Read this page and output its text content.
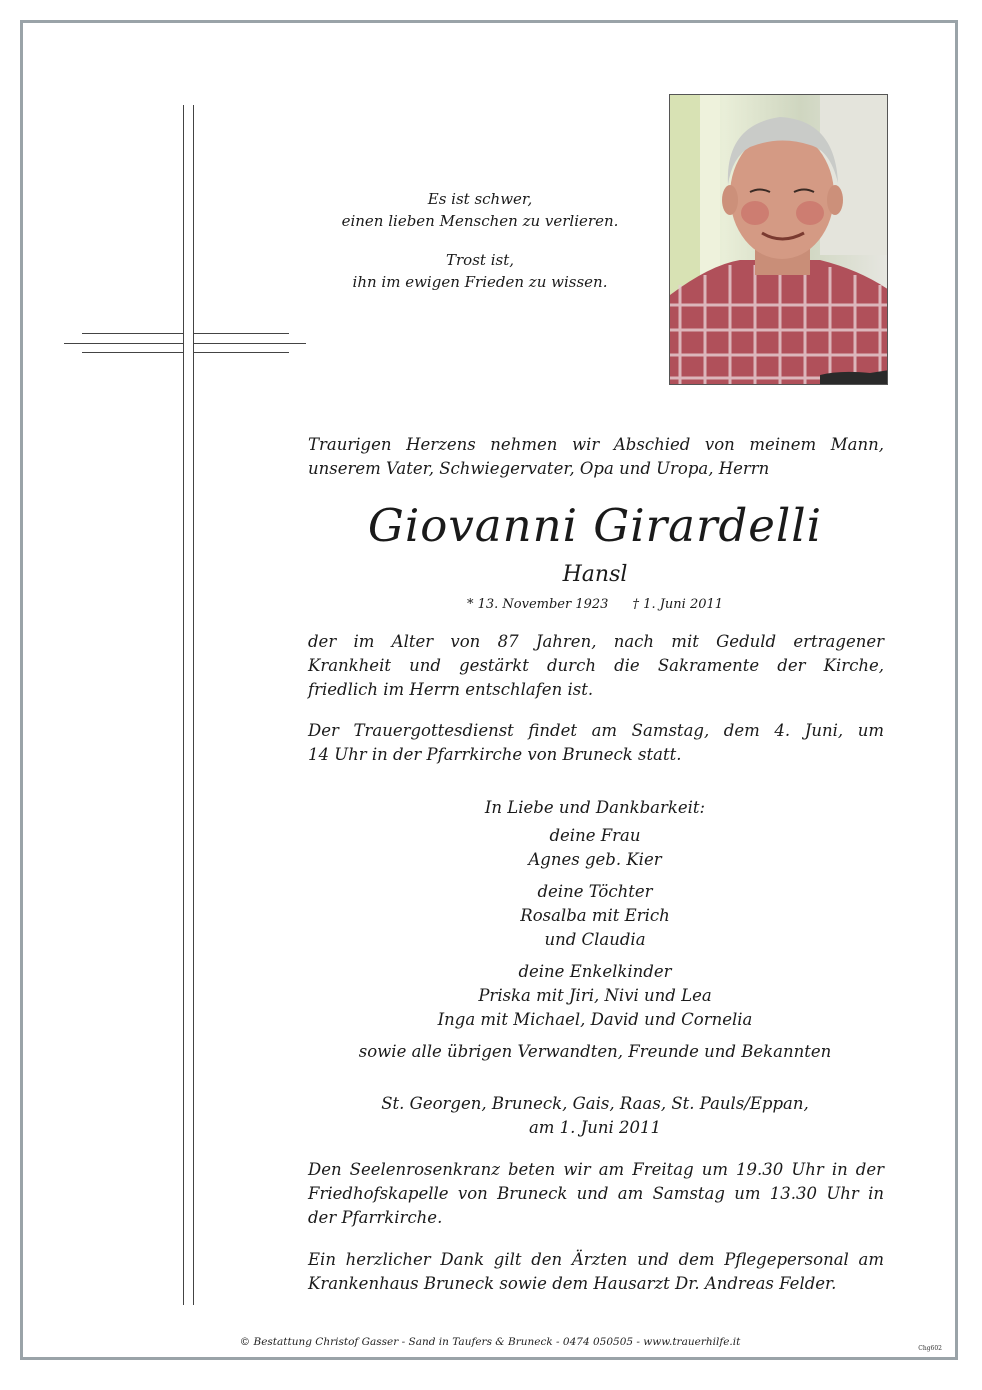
Es ist schwer,
einen lieben Menschen zu verlieren.
Trost ist,
ihn im ewigen Frieden zu wissen.
Traurigen Herzens nehmen wir Abschied von meinem Mann,
unserem Vater, Schwiegervater, Opa und Uropa, Herrn
Giovanni Girardelli
Hansl
* 13. November 1923 † 1. Juni 2011
der im Alter von 87 Jahren, nach mit Geduld ertragener
Krankheit und gestärkt durch die Sakramente der Kirche,
friedlich im Herrn entschlafen ist.
Der Trauergottesdienst findet am Samstag, dem 4. Juni, um
14 Uhr in der Pfarrkirche von Bruneck statt.
In Liebe und Dankbarkeit:
deine Frau
Agnes geb. Kier
deine Töchter
Rosalba mit Erich
und Claudia
deine Enkelkinder
Priska mit Jiri, Nivi und Lea
Inga mit Michael, David und Cornelia
sowie alle übrigen Verwandten, Freunde und Bekannten
St. Georgen, Bruneck, Gais, Raas, St. Pauls/Eppan,
am 1. Juni 2011
Den Seelenrosenkranz beten wir am Freitag um 19.30 Uhr in der
Friedhofskapelle von Bruneck und am Samstag um 13.30 Uhr in
der Pfarrkirche.
Ein herzlicher Dank gilt den Ärzten und dem Pflegepersonal am
Krankenhaus Bruneck sowie dem Hausarzt Dr. Andreas Felder.
© Bestattung Christof Gasser - Sand in Taufers & Bruneck - 0474 050505 - www.trauerhilfe.it
Chg602
